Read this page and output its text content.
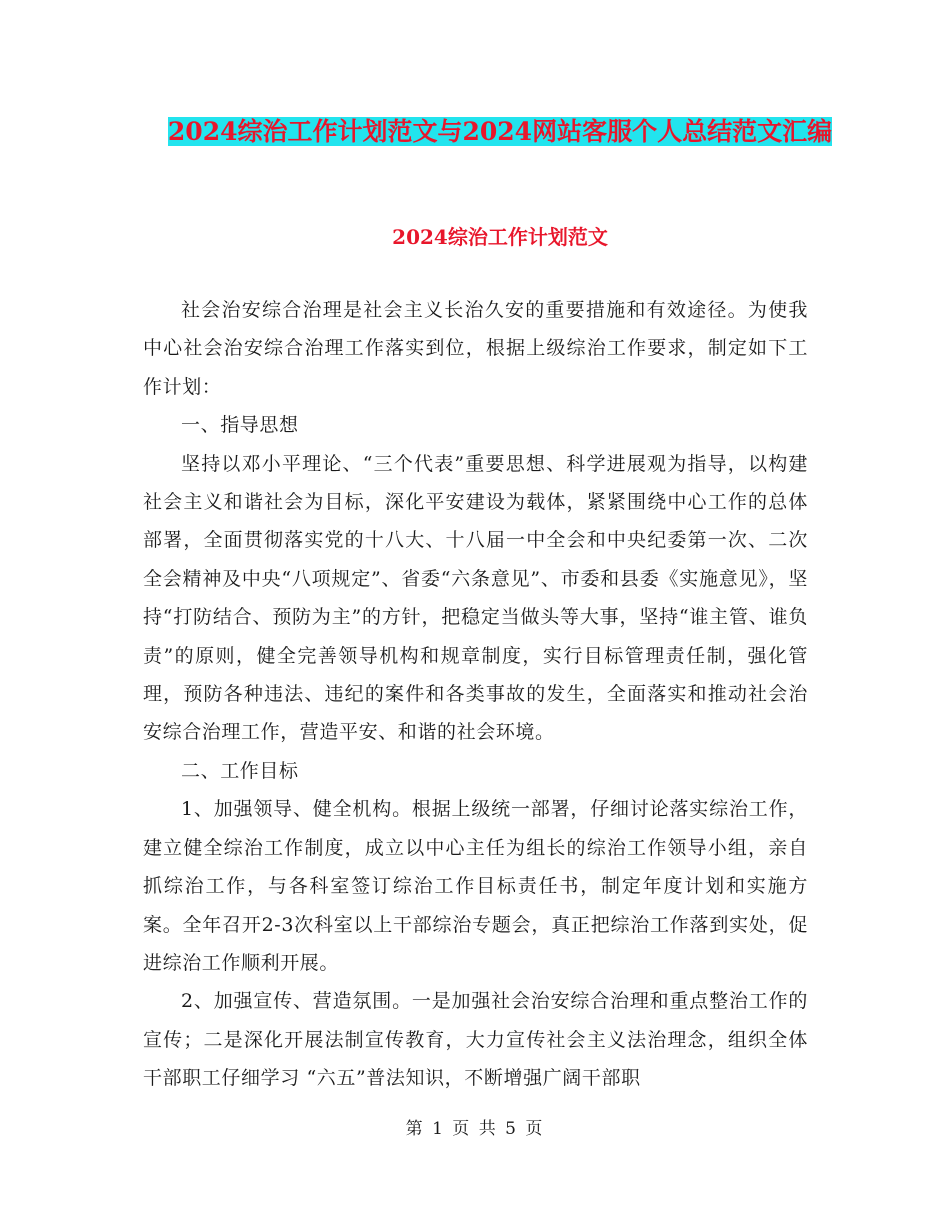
2024综治工作计划范文与2024网站客服个人总结范文汇编
2024综治工作计划范文

社会治安综合治理是社会主义长治久安的重要措施和有效途径。为使我中心社会治安综合治理工作落实到位，根据上级综治工作要求，制定如下工作计划：

一、指导思想

坚持以邓小平理论、“三个代表”重要思想、科学进展观为指导，以构建社会主义和谐社会为目标，深化平安建设为载体，紧紧围绕中心工作的总体部署，全面贯彻落实党的十八大、十八届一中全会和中央纪委第一次、二次全会精神及中央“八项规定”、省委“六条意见”、市委和县委《实施意见》，坚持“打防结合、预防为主”的方针，把稳定当做头等大事，坚持“谁主管、谁负责”的原则，健全完善领导机构和规章制度，实行目标管理责任制，强化管理，预防各种违法、违纪的案件和各类事故的发生，全面落实和推动社会治安综合治理工作，营造平安、和谐的社会环境。

二、工作目标

1、加强领导、健全机构。根据上级统一部署，仔细讨论落实综治工作，建立健全综治工作制度，成立以中心主任为组长的综治工作领导小组，亲自抓综治工作，与各科室签订综治工作目标责任书，制定年度计划和实施方案。全年召开2-3次科室以上干部综治专题会，真正把综治工作落到实处，促进综治工作顺利开展。

2、加强宣传、营造氛围。一是加强社会治安综合治理和重点整治工作的宣传；二是深化开展法制宣传教育，大力宣传社会主义法治理念，组织全体干部职工仔细学习 “六五”普法知识，不断增强广阔干部职

第 1 页 共 5 页
